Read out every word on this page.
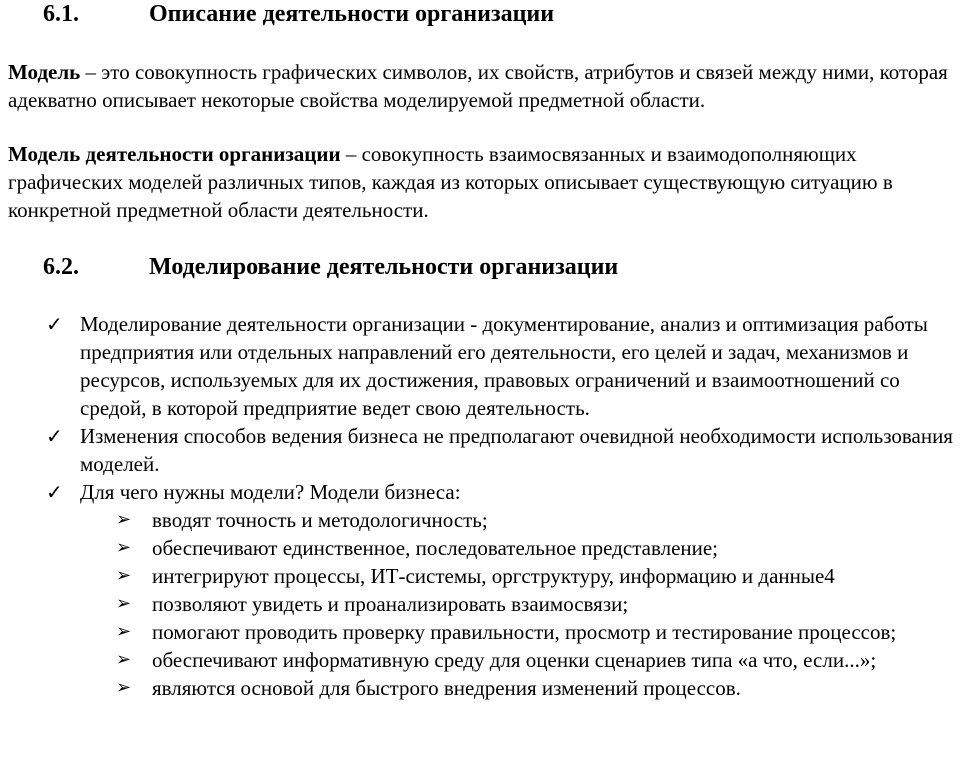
6.1.	Описание деятельности организации

Модель – это совокупность графических символов, их свойств, атрибутов и связей между ними, которая адекватно описывает некоторые свойства моделируемой предметной области.

Модель деятельности организации – совокупность взаимосвязанных и взаимодополняющих графических моделей различных типов, каждая из которых описывает существующую ситуацию в конкретной предметной области деятельности.

6.2.	Моделирование деятельности организации
✓ Моделирование деятельности организации - документирование, анализ и оптимизация работы предприятия или отдельных направлений его деятельности, его целей и задач, механизмов и ресурсов, используемых для их достижения, правовых ограничений и взаимоотношений со средой, в которой предприятие ведет свою деятельность.
✓ Изменения способов ведения бизнеса не предполагают очевидной необходимости использования моделей.
✓ Для чего нужны модели? Модели бизнеса:
➢ вводят точность и методологичность;
➢ обеспечивают единственное, последовательное представление;
➢ интегрируют процессы, ИТ-системы, оргструктуру, информацию и данные4
➢ позволяют увидеть и проанализировать взаимосвязи;
➢ помогают проводить проверку правильности, просмотр и тестирование процессов;
➢ обеспечивают информативную среду для оценки сценариев типа «а что, если...»;
➢ являются основой для быстрого внедрения изменений процессов.
